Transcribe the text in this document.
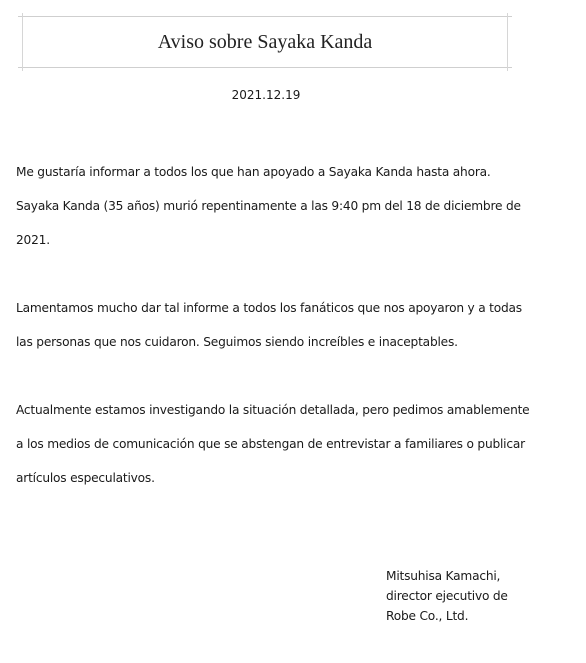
Aviso sobre Sayaka Kanda
2021.12.19
Me gustaría informar a todos los que han apoyado a Sayaka Kanda hasta ahora.
Sayaka Kanda (35 años) murió repentinamente a las 9:40 pm del 18 de diciembre de
2021.
Lamentamos mucho dar tal informe a todos los fanáticos que nos apoyaron y a todas
las personas que nos cuidaron. Seguimos siendo increíbles e inaceptables.
Actualmente estamos investigando la situación detallada, pero pedimos amablemente
a los medios de comunicación que se abstengan de entrevistar a familiares o publicar
artículos especulativos.
Mitsuhisa Kamachi,
director ejecutivo de
Robe Co., Ltd.
